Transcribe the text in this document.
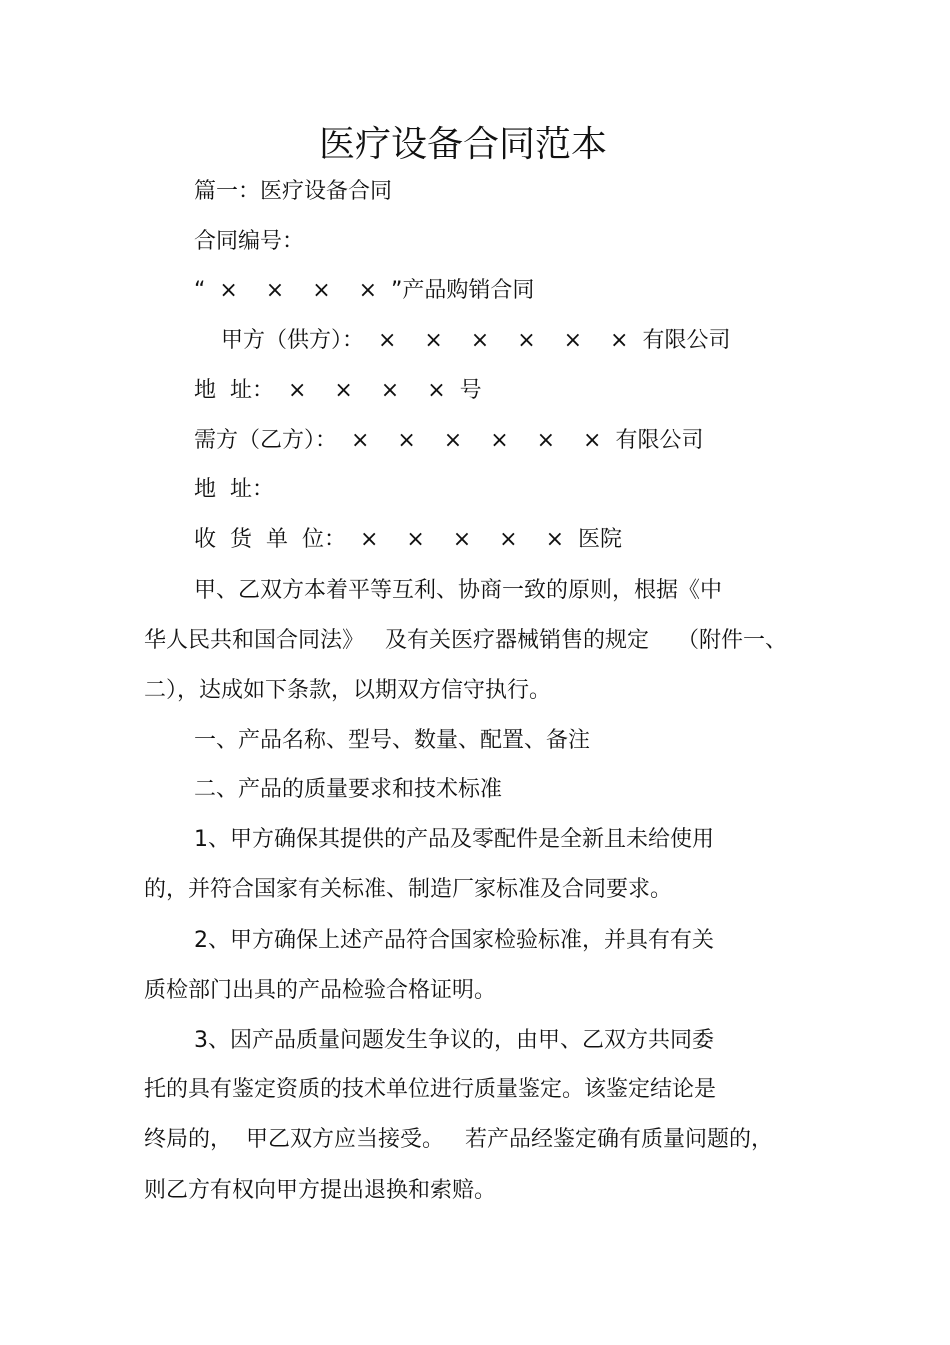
医疗设备合同范本
篇一：医疗设备合同
合同编号：
“  ×    ×    ×    ×  ”产品购销合同
甲方（供方）：  ×    ×    ×    ×    ×    ×  有限公司
地  址：  ×    ×    ×    ×  号
需方（乙方）：  ×    ×    ×    ×    ×    ×  有限公司
地  址：
收  货  单  位：  ×    ×    ×    ×    ×  医院
甲、乙双方本着平等互利、协商一致的原则，根据《中
华人民共和国合同法》   及有关医疗器械销售的规定    （附件一、
二），达成如下条款，以期双方信守执行。
一、产品名称、型号、数量、配置、备注
二、产品的质量要求和技术标准
1、甲方确保其提供的产品及零配件是全新且未给使用
的，并符合国家有关标准、制造厂家标准及合同要求。
2、甲方确保上述产品符合国家检验标准，并具有有关
质检部门出具的产品检验合格证明。
3、因产品质量问题发生争议的，由甲、乙双方共同委
托的具有鉴定资质的技术单位进行质量鉴定。该鉴定结论是
终局的，  甲乙双方应当接受。   若产品经鉴定确有质量问题的，
则乙方有权向甲方提出退换和索赔。
